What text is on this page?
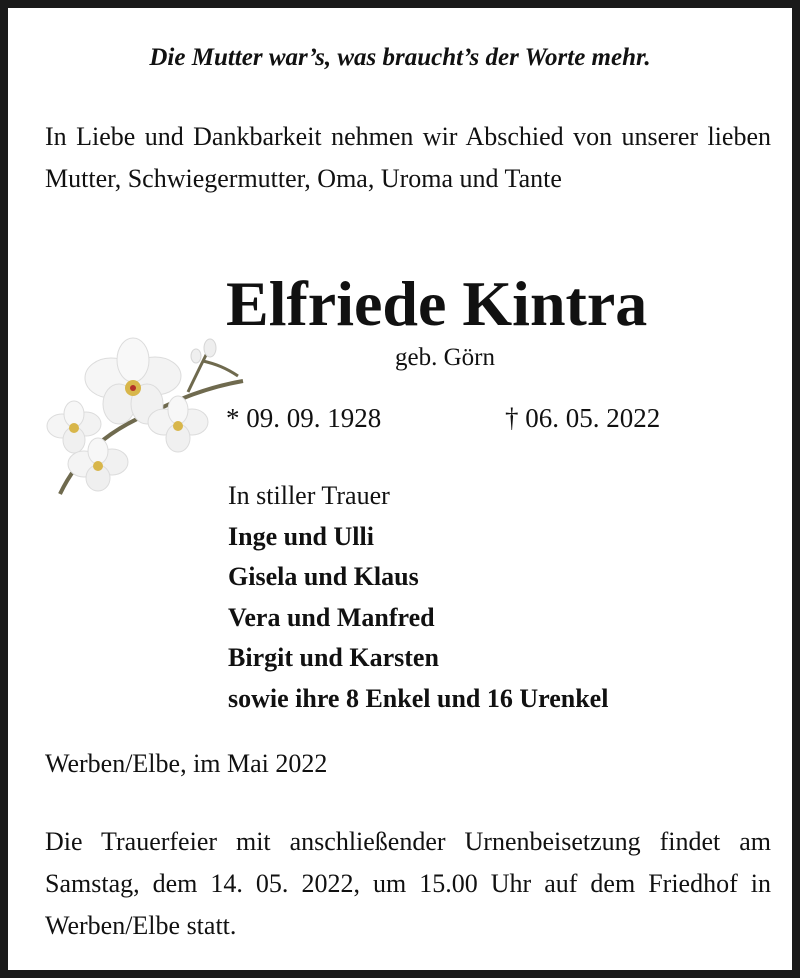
Die Mutter war’s, was braucht’s der Worte mehr.
In Liebe und Dankbarkeit nehmen wir Abschied von unserer lieben Mutter, Schwiegermutter, Oma, Uroma und Tante
Elfriede Kintra
geb. Görn
* 09. 09. 1928	† 06. 05. 2022
In stiller Trauer
Inge und Ulli
Gisela und Klaus
Vera und Manfred
Birgit und Karsten
sowie ihre 8 Enkel und 16 Urenkel
Werben/Elbe, im Mai 2022
Die Trauerfeier mit anschließender Urnenbeisetzung findet am Samstag, dem 14. 05. 2022, um 15.00 Uhr auf dem Friedhof in Werben/Elbe statt.
